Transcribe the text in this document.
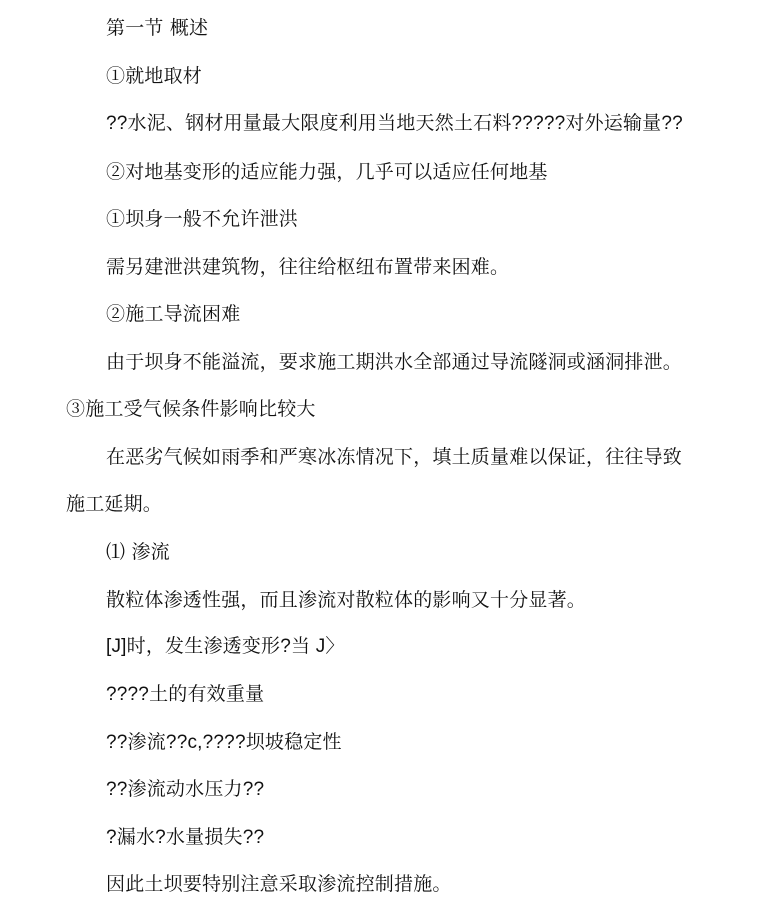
第一节 概述
①就地取材
??水泥、钢材用量最大限度利用当地天然土石料?????对外运输量??
②对地基变形的适应能力强，几乎可以适应任何地基
①坝身一般不允许泄洪
需另建泄洪建筑物，往往给枢纽布置带来困难。
②施工导流困难
由于坝身不能溢流，要求施工期洪水全部通过导流隧洞或涵洞排泄。
③施工受气候条件影响比较大
在恶劣气候如雨季和严寒冰冻情况下，填土质量难以保证，往往导致
施工延期。
⑴ 渗流
散粒体渗透性强，而且渗流对散粒体的影响又十分显著。
[J]时，发生渗透变形?当 J〉
????土的有效重量
??渗流??c,????坝坡稳定性
??渗流动水压力??
?漏水?水量损失??
因此土坝要特别注意采取渗流控制措施。
